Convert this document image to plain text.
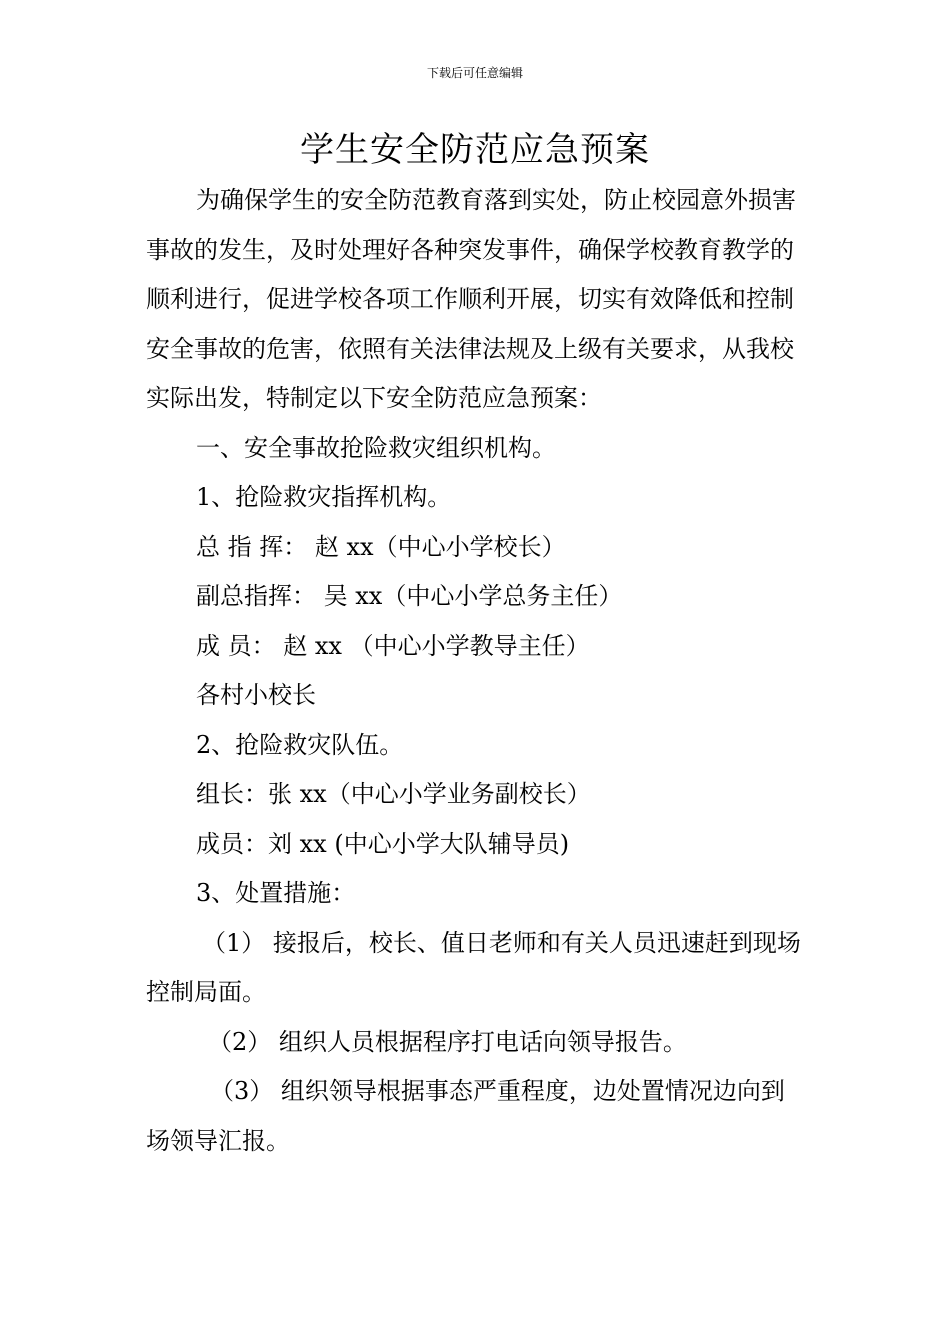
下载后可任意编辑
学生安全防范应急预案

为确保学生的安全防范教育落到实处，防止校园意外损害事故的发生，及时处理好各种突发事件，确保学校教育教学的顺利进行，促进学校各项工作顺利开展，切实有效降低和控制安全事故的危害，依照有关法律法规及上级有关要求，从我校实际出发，特制定以下安全防范应急预案：

一、安全事故抢险救灾组织机构。

1、抢险救灾指挥机构。

总 指 挥： 赵 xx（中心小学校长）

副总指挥： 吴 xx（中心小学总务主任）

成 员： 赵 xx （中心小学教导主任）

各村小校长

2、抢险救灾队伍。

组长：张 xx（中心小学业务副校长）

成员：刘 xx (中心小学大队辅导员)

3、处置措施：

（1） 接报后，校长、值日老师和有关人员迅速赶到现场控制局面。

（2） 组织人员根据程序打电话向领导报告。

（3） 组织领导根据事态严重程度，边处置情况边向到场领导汇报。
